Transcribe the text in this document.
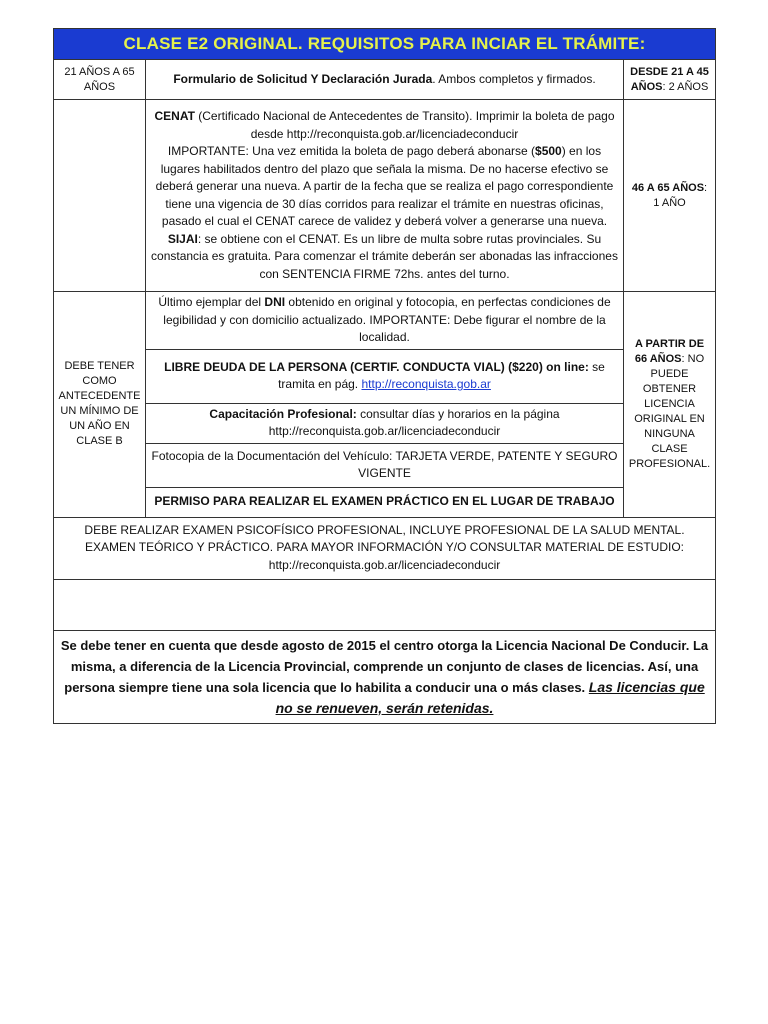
CLASE E2 ORIGINAL. REQUISITOS PARA INCIAR EL TRÁMITE:		
21 AÑOS A 65 AÑOS	Formulario de Solicitud Y Declaración Jurada. Ambos completos y firmados.	DESDE 21 A 45 AÑOS: 2 AÑOS
	CENAT (Certificado Nacional de Antecedentes de Transito). Imprimir la boleta de pago desde http://reconquista.gob.ar/licenciadeconducir
IMPORTANTE: Una vez emitida la boleta de pago deberá abonarse ($500) en los lugares habilitados dentro del plazo que señala la misma. De no hacerse efectivo se deberá generar una nueva. A partir de la fecha que se realiza el pago correspondiente tiene una vigencia de 30 días corridos para realizar el trámite en nuestras oficinas, pasado el cual el CENAT carece de validez y deberá volver a generarse una nueva.
SIJAI: se obtiene con el CENAT. Es un libre de multa sobre rutas provinciales. Su constancia es gratuita. Para comenzar el trámite deberán ser abonadas las infracciones con SENTENCIA FIRME 72hs. antes del turno.	46 A 65 AÑOS: 1 AÑO
DEBE TENER COMO ANTECEDENTE UN MÍNIMO DE UN AÑO EN CLASE B	Último ejemplar del DNI obtenido en original y fotocopia, en perfectas condiciones de legibilidad y con domicilio actualizado. IMPORTANTE: Debe figurar el nombre de la localidad.	A PARTIR DE 66 AÑOS: NO PUEDE OBTENER LICENCIA ORIGINAL EN NINGUNA CLASE PROFESIONAL.
	LIBRE DEUDA DE LA PERSONA (CERTIF. CONDUCTA VIAL) ($220) on line: se tramita en pág. http://reconquista.gob.ar	
	Capacitación Profesional: consultar días y horarios en la página http://reconquista.gob.ar/licenciadeconducir	
	Fotocopia de la Documentación del Vehículo: TARJETA VERDE, PATENTE Y SEGURO VIGENTE	
	PERMISO PARA REALIZAR EL EXAMEN PRÁCTICO EN EL LUGAR DE TRABAJO	
DEBE REALIZAR EXAMEN PSICOFÍSICO PROFESIONAL, INCLUYE PROFESIONAL DE LA SALUD MENTAL. EXAMEN TEÓRICO Y PRÁCTICO. PARA MAYOR INFORMACIÓN Y/O CONSULTAR MATERIAL DE ESTUDIO: http://reconquista.gob.ar/licenciadeconducir		

Se debe tener en cuenta que desde agosto de 2015 el centro otorga la Licencia Nacional De Conducir. La misma, a diferencia de la Licencia Provincial, comprende un conjunto de clases de licencias. Así, una persona siempre tiene una sola licencia que lo habilita a conducir una o más clases. Las licencias que no se renueven, serán retenidas.		
